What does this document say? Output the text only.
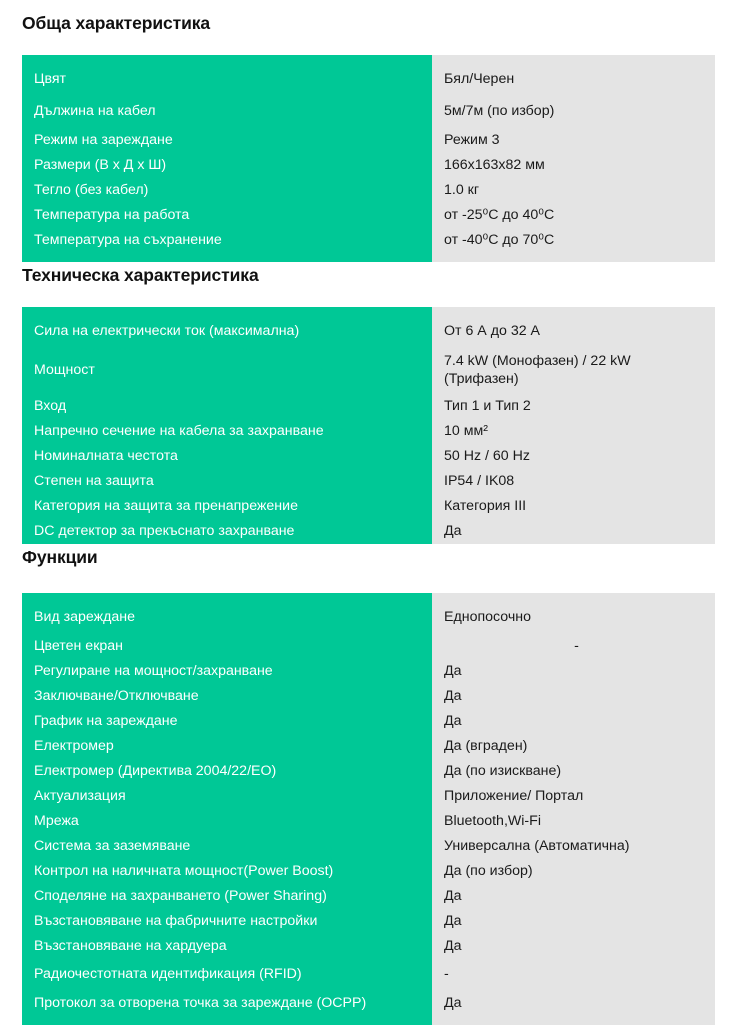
Обща характеристика

Цвят	Бял/Черен
Дължина на кабел	5м/7м (по избор)
Режим на зареждане	Режим 3
Размери (В х Д х Ш)	166х163х82 мм
Тегло (без кабел)	1.0 кг
Температура на работа	от -25⁰С до 40⁰С
Температура на съхранение	от -40⁰С до 70⁰С

Техническа характеристика

Сила на електрически ток (максимална)	От 6 А до 32 А
Мощност	7.4 kW (Монофазен) / 22 kW (Трифазен)
Вход	Тип 1 и Тип 2
Напречно сечение на кабела за захранване	10 мм²
Номиналната честота	50 Hz / 60 Hz
Степен на защита	IP54 / IK08
Категория на защита за пренапрежение	Категория III
DC детектор за прекъснато захранване	Да
Функции

Вид зареждане	Еднопосочно
Цветен екран	-
Регулиране на мощност/захранване	Да
Заключване/Отключване	Да
График на зареждане	Да
Електромер	Да (вграден)
Електромер (Директива 2004/22/ЕО)	Да (по изискване)
Актуализация	Приложение/ Портал
Мрежа	Bluetooth,Wi-Fi
Система за заземяване	Универсална (Автоматична)
Контрол на наличната мощност(Power Boost)	Да (по избор)
Споделяне на захранването (Power Sharing)	Да
Възстановяване на фабричните настройки	Да
Възстановяване на хардуера	Да
Радиочестотната идентификация (RFID)	-
Протокол за отворена точка за зареждане (OCPP)	Да
